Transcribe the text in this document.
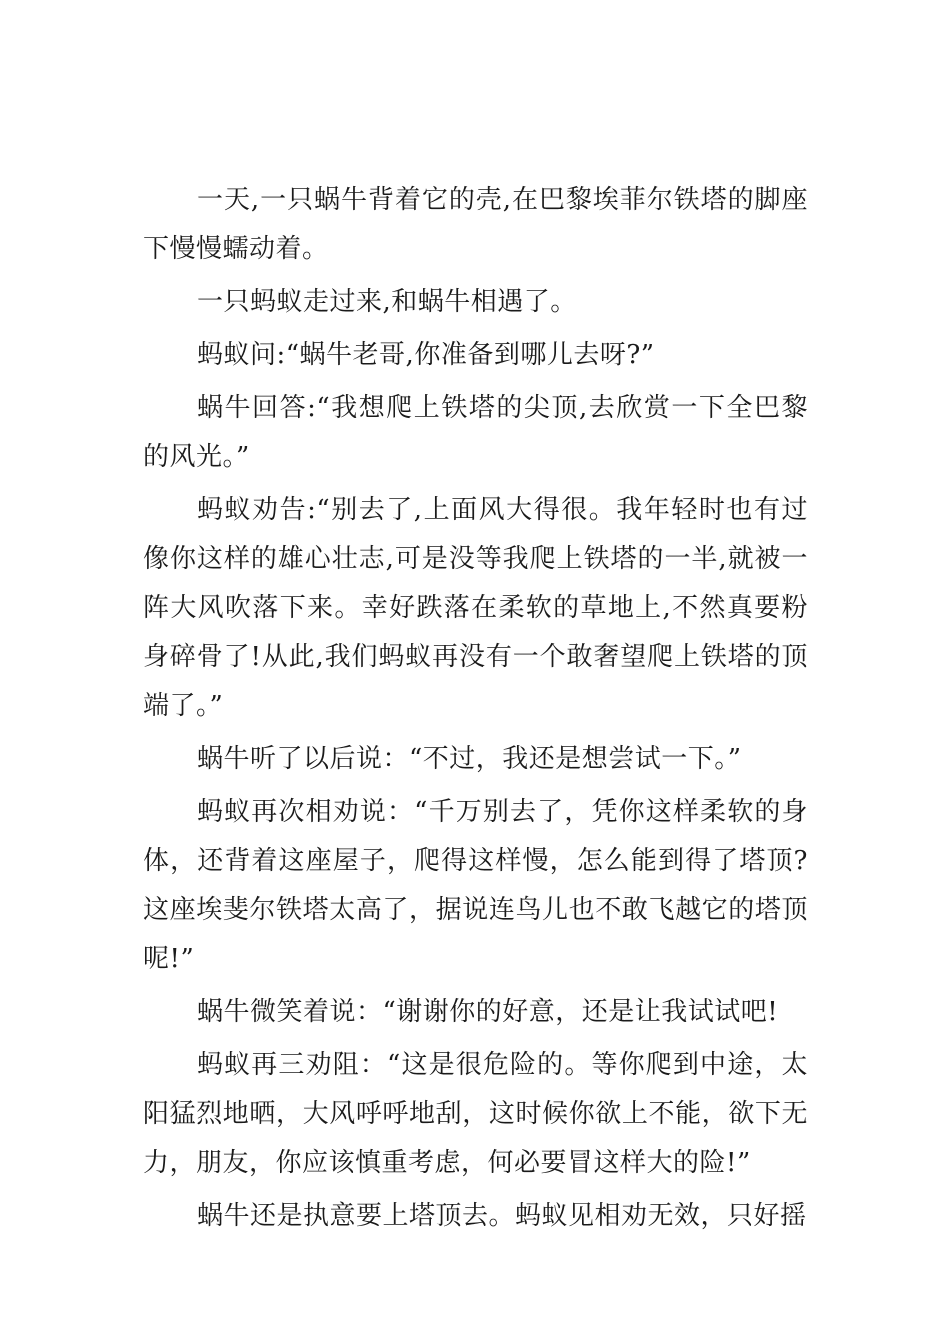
一天,一只蜗牛背着它的壳,在巴黎埃菲尔铁塔的脚座下慢慢蠕动着。

一只蚂蚁走过来,和蜗牛相遇了。

蚂蚁问:“蜗牛老哥,你准备到哪儿去呀?”

蜗牛回答:“我想爬上铁塔的尖顶,去欣赏一下全巴黎的风光。”

蚂蚁劝告:“别去了,上面风大得很。我年轻时也有过像你这样的雄心壮志,可是没等我爬上铁塔的一半,就被一阵大风吹落下来。幸好跌落在柔软的草地上,不然真要粉身碎骨了!从此,我们蚂蚁再没有一个敢奢望爬上铁塔的顶端了。”

蜗牛听了以后说：“不过，我还是想尝试一下。”

蚂蚁再次相劝说：“千万别去了，凭你这样柔软的身体，还背着这座屋子，爬得这样慢，怎么能到得了塔顶?这座埃斐尔铁塔太高了，据说连鸟儿也不敢飞越它的塔顶呢!”

蜗牛微笑着说：“谢谢你的好意，还是让我试试吧!

蚂蚁再三劝阻：“这是很危险的。等你爬到中途，太阳猛烈地晒，大风呼呼地刮，这时候你欲上不能，欲下无力，朋友，你应该慎重考虑，何必要冒这样大的险!”

蜗牛还是执意要上塔顶去。蚂蚁见相劝无效，只好摇
